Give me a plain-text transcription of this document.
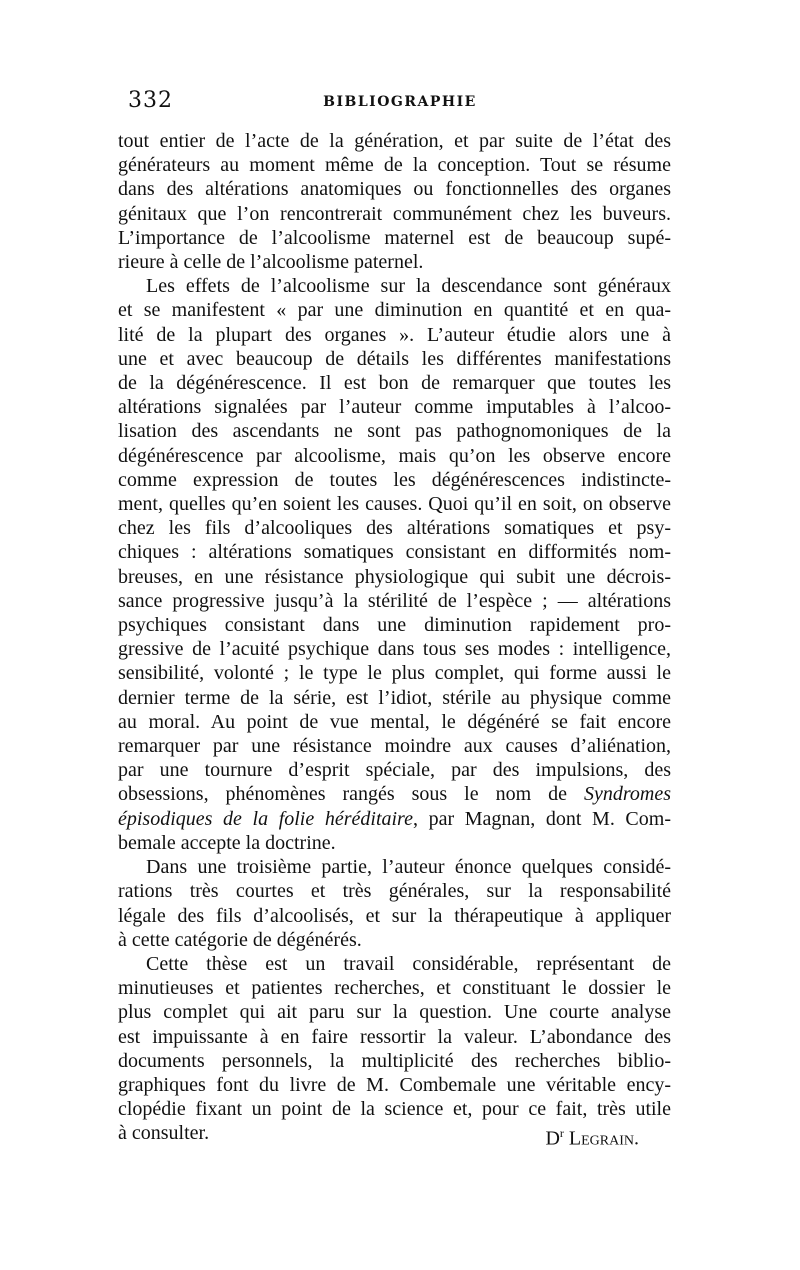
332	BIBLIOGRAPHIE
tout entier de l’acte de la génération, et par suite de l’état des
générateurs au moment même de la conception. Tout se résume
dans des altérations anatomiques ou fonctionnelles des organes
génitaux que l’on rencontrerait communément chez les buveurs.
L’importance de l’alcoolisme maternel est de beaucoup supé-
rieure à celle de l’alcoolisme paternel.
Les effets de l’alcoolisme sur la descendance sont généraux
et se manifestent « par une diminution en quantité et en qua-
lité de la plupart des organes ». L’auteur étudie alors une à
une et avec beaucoup de détails les différentes manifestations
de la dégénérescence. Il est bon de remarquer que toutes les
altérations signalées par l’auteur comme imputables à l’alcoo-
lisation des ascendants ne sont pas pathognomoniques de la
dégénérescence par alcoolisme, mais qu’on les observe encore
comme expression de toutes les dégénérescences indistincte-
ment, quelles qu’en soient les causes. Quoi qu’il en soit, on observe
chez les fils d’alcooliques des altérations somatiques et psy-
chiques : altérations somatiques consistant en difformités nom-
breuses, en une résistance physiologique qui subit une décrois-
sance progressive jusqu’à la stérilité de l’espèce ; — altérations
psychiques consistant dans une diminution rapidement pro-
gressive de l’acuité psychique dans tous ses modes : intelligence,
sensibilité, volonté ; le type le plus complet, qui forme aussi le
dernier terme de la série, est l’idiot, stérile au physique comme
au moral. Au point de vue mental, le dégénéré se fait encore
remarquer par une résistance moindre aux causes d’aliénation,
par une tournure d’esprit spéciale, par des impulsions, des
obsessions, phénomènes rangés sous le nom de Syndromes
épisodiques de la folie héréditaire, par Magnan, dont M. Com-
bemale accepte la doctrine.
Dans une troisième partie, l’auteur énonce quelques considé-
rations très courtes et très générales, sur la responsabilité
légale des fils d’alcoolisés, et sur la thérapeutique à appliquer
à cette catégorie de dégénérés.
Cette thèse est un travail considérable, représentant de
minutieuses et patientes recherches, et constituant le dossier le
plus complet qui ait paru sur la question. Une courte analyse
est impuissante à en faire ressortir la valeur. L’abondance des
documents personnels, la multiplicité des recherches biblio-
graphiques font du livre de M. Combemale une véritable ency-
clopédie fixant un point de la science et, pour ce fait, très utile
à consulter.	$D^r$ Legrain.
